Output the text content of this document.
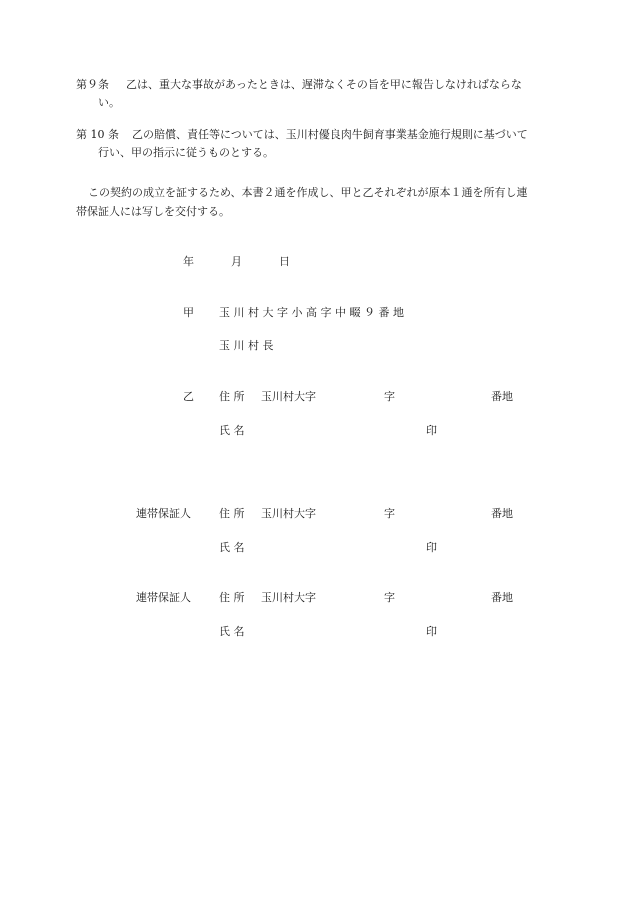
第９条 乙は、重大な事故があったときは、遅滞なくその旨を甲に報告しなければならな
い。
第 10 条 乙の賠償、責任等については、玉川村優良肉牛飼育事業基金施行規則に基づいて
行い、甲の指示に従うものとする。
この契約の成立を証するため、本書２通を作成し、甲と乙それぞれが原本１通を所有し連
帯保証人には写しを交付する。
年	月	日
甲 玉 川 村 大 字 小 高 字 中 畷 ９ 番 地
玉 川 村 長
乙 住 所 玉川村大字	字	番地
氏 名	印
連帯保証人	住 所 玉川村大字	字	番地
氏 名	印
連帯保証人	住 所 玉川村大字	字	番地
氏 名	印
